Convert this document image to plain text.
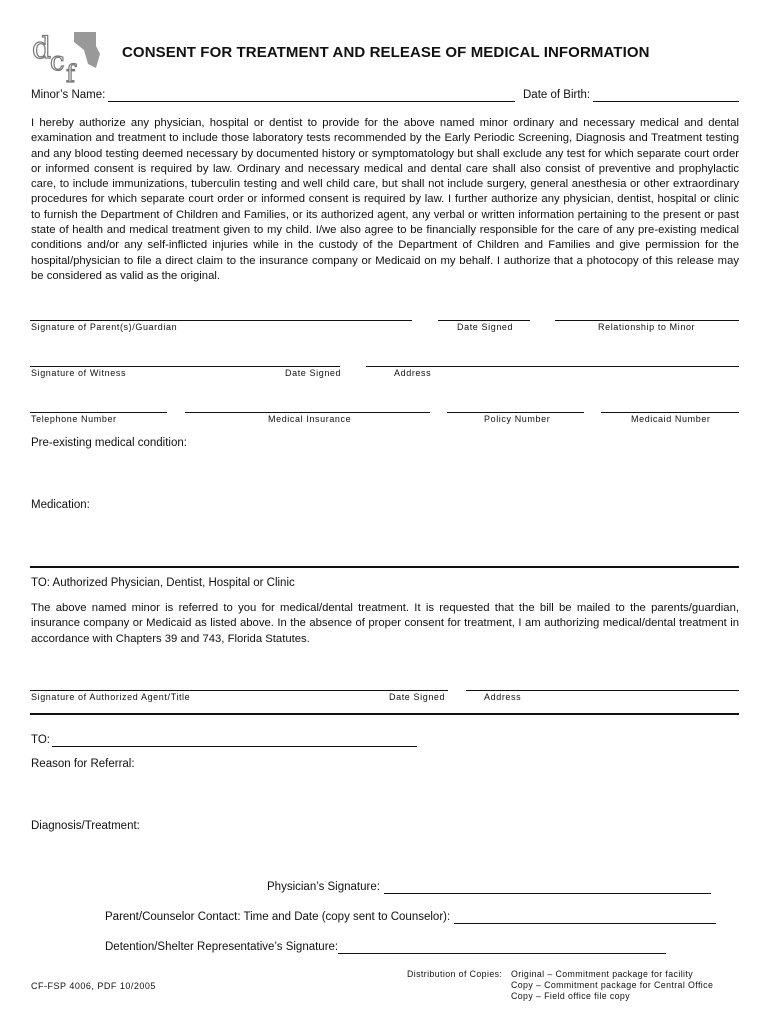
d
c f
CONSENT FOR TREATMENT AND RELEASE OF MEDICAL INFORMATION
Minor’s Name:	Date of Birth:
I hereby authorize any physician, hospital or dentist to provide for the above named minor ordinary and necessary medical and dental examination and treatment to include those laboratory tests recommended by the Early Periodic Screening, Diagnosis and Treatment testing and any blood testing deemed necessary by documented history or symptomatology but shall exclude any test for which separate court order or informed consent is required by law. Ordinary and necessary medical and dental care shall also consist of preventive and prophylactic care, to include immunizations, tuberculin testing and well child care, but shall not include surgery, general anesthesia or other extraordinary procedures for which separate court order or informed consent is required by law. I further authorize any physician, dentist, hospital or clinic to furnish the Department of Children and Families, or its authorized agent, any verbal or written information pertaining to the present or past state of health and medical treatment given to my child. I/we also agree to be financially responsible for the care of any pre-existing medical conditions and/or any self-inflicted injuries while in the custody of the Department of Children and Families and give permission for the hospital/physician to file a direct claim to the insurance company or Medicaid on my behalf. I authorize that a photocopy of this release may be considered as valid as the original.
Signature of Parent(s)/Guardian	Date Signed	Relationship to Minor
Signature of Witness	Date Signed	Address
Telephone Number	Medical Insurance	Policy Number	Medicaid Number
Pre-existing medical condition:
Medication:
TO: Authorized Physician, Dentist, Hospital or Clinic
The above named minor is referred to you for medical/dental treatment. It is requested that the bill be mailed to the parents/guardian, insurance company or Medicaid as listed above. In the absence of proper consent for treatment, I am authorizing medical/dental treatment in accordance with Chapters 39 and 743, Florida Statutes.
Signature of Authorized Agent/Title	Date Signed	Address
TO:
Reason for Referral:
Diagnosis/Treatment:
Physician’s Signature:
Parent/Counselor Contact: Time and Date (copy sent to Counselor):
Detention/Shelter Representative’s Signature:
CF-FSP 4006, PDF 10/2005
Distribution of Copies: Original – Commitment package for facility
Copy – Commitment package for Central Office
Copy – Field office file copy
